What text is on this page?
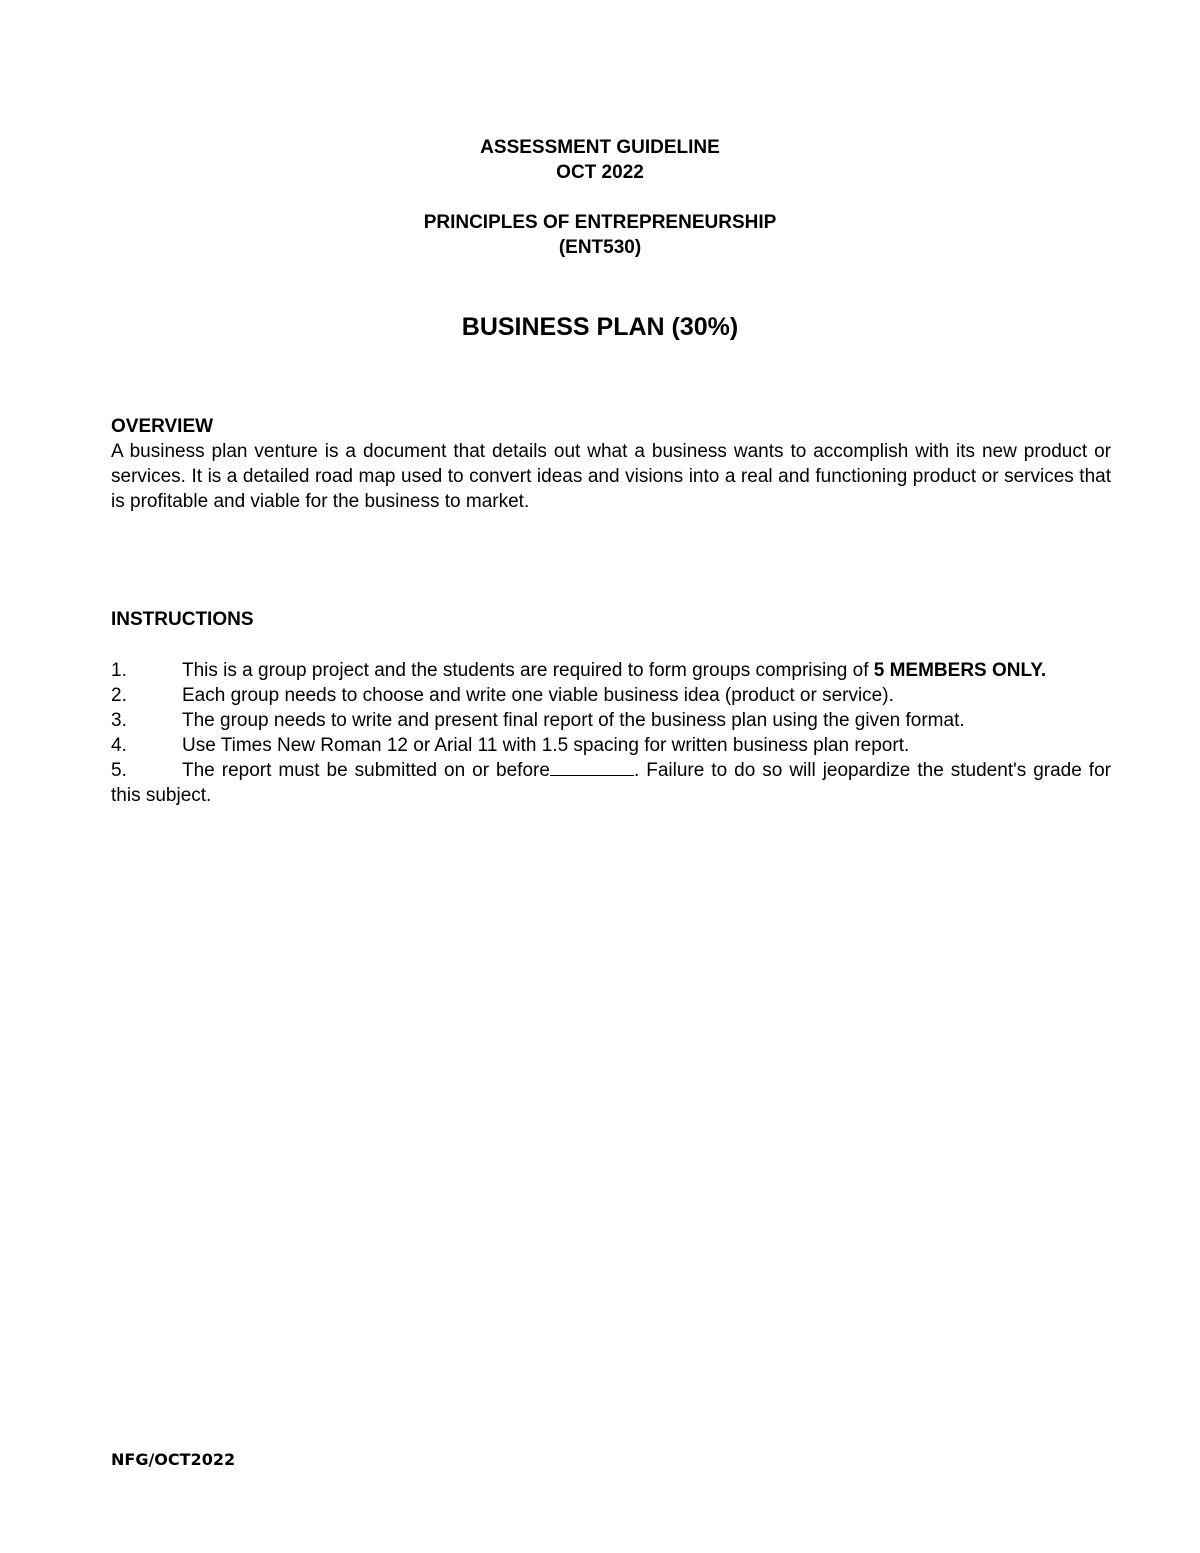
ASSESSMENT GUIDELINE

OCT 2022

PRINCIPLES OF ENTREPRENEURSHIP

(ENT530)

BUSINESS PLAN (30%)

OVERVIEW

A business plan venture is a document that details out what a business wants to accomplish with its new product or services. It is a detailed road map used to convert ideas and visions into a real and functioning product or services that is profitable and viable for the business to market.

INSTRUCTIONS

1.	This is a group project and the students are required to form groups comprising of 5 MEMBERS ONLY.
2.	Each group needs to choose and write one viable business idea (product or service).
3.	The group needs to write and present final report of the business plan using the given format.
4.	Use Times New Roman 12 or Arial 11 with 1.5 spacing for written business plan report.
5.	The report must be submitted on or before	. Failure to do so will jeopardize the student's grade for this subject.
NFG/OCT2022
